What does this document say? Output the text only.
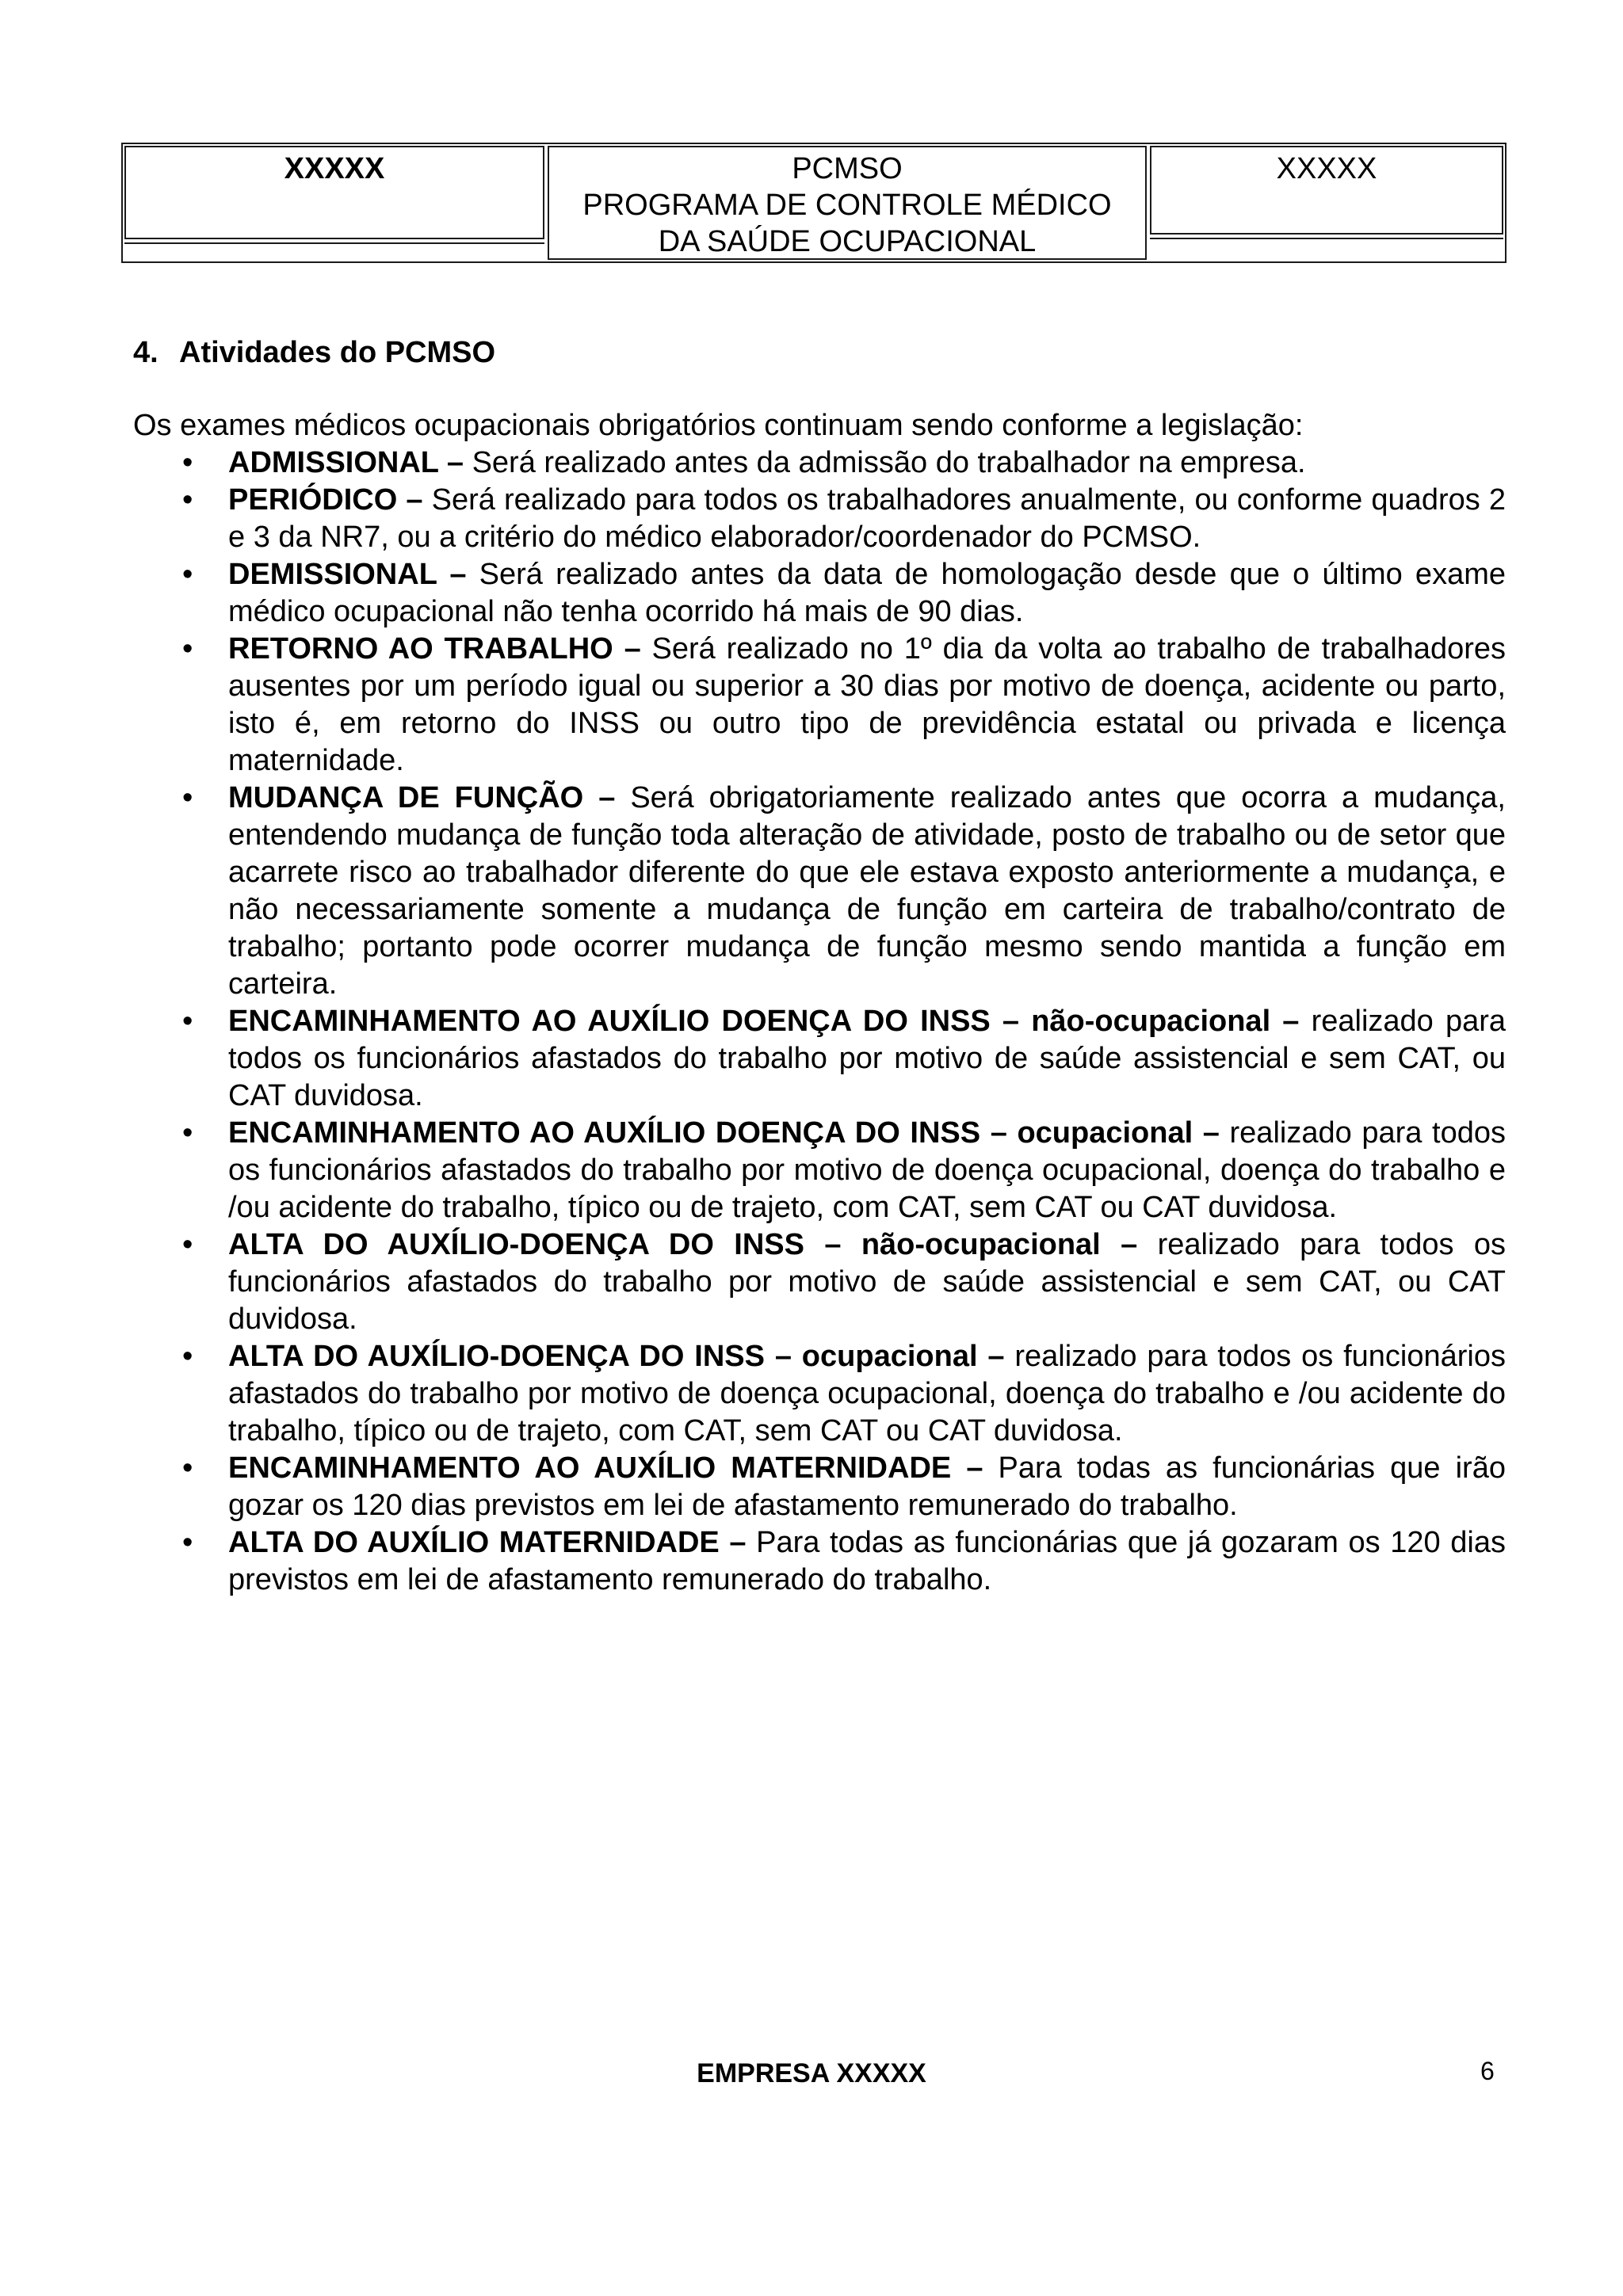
XXXXX	PCMSO
PROGRAMA DE CONTROLE MÉDICO
DA SAÚDE OCUPACIONAL
XXXXX
4. Atividades do PCMSO
Os exames médicos ocupacionais obrigatórios continuam sendo conforme a legislação:
• ADMISSIONAL – Será realizado antes da admissão do trabalhador na empresa.
• PERIÓDICO – Será realizado para todos os trabalhadores anualmente, ou conforme quadros 2 e 3 da NR7, ou a critério do médico elaborador/coordenador do PCMSO.
• DEMISSIONAL – Será realizado antes da data de homologação desde que o último exame médico ocupacional não tenha ocorrido há mais de 90 dias.
• RETORNO AO TRABALHO – Será realizado no 1º dia da volta ao trabalho de trabalhadores ausentes por um período igual ou superior a 30 dias por motivo de doença, acidente ou parto, isto é, em retorno do INSS ou outro tipo de previdência estatal ou privada e licença maternidade.
• MUDANÇA DE FUNÇÃO – Será obrigatoriamente realizado antes que ocorra a mudança, entendendo mudança de função toda alteração de atividade, posto de trabalho ou de setor que acarrete risco ao trabalhador diferente do que ele estava exposto anteriormente a mudança, e não necessariamente somente a mudança de função em carteira de trabalho/contrato de trabalho; portanto pode ocorrer mudança de função mesmo sendo mantida a função em carteira.
• ENCAMINHAMENTO AO AUXÍLIO DOENÇA DO INSS – não-ocupacional – realizado para todos os funcionários afastados do trabalho por motivo de saúde assistencial e sem CAT, ou CAT duvidosa.
• ENCAMINHAMENTO AO AUXÍLIO DOENÇA DO INSS – ocupacional – realizado para todos os funcionários afastados do trabalho por motivo de doença ocupacional, doença do trabalho e /ou acidente do trabalho, típico ou de trajeto, com CAT, sem CAT ou CAT duvidosa.
• ALTA DO AUXÍLIO-DOENÇA DO INSS – não-ocupacional – realizado para todos os funcionários afastados do trabalho por motivo de saúde assistencial e sem CAT, ou CAT duvidosa.
• ALTA DO AUXÍLIO-DOENÇA DO INSS – ocupacional – realizado para todos os funcionários afastados do trabalho por motivo de doença ocupacional, doença do trabalho e /ou acidente do trabalho, típico ou de trajeto, com CAT, sem CAT ou CAT duvidosa.
• ENCAMINHAMENTO AO AUXÍLIO MATERNIDADE – Para todas as funcionárias que irão gozar os 120 dias previstos em lei de afastamento remunerado do trabalho.
• ALTA DO AUXÍLIO MATERNIDADE – Para todas as funcionárias que já gozaram os 120 dias previstos em lei de afastamento remunerado do trabalho.
EMPRESA XXXXX	6
